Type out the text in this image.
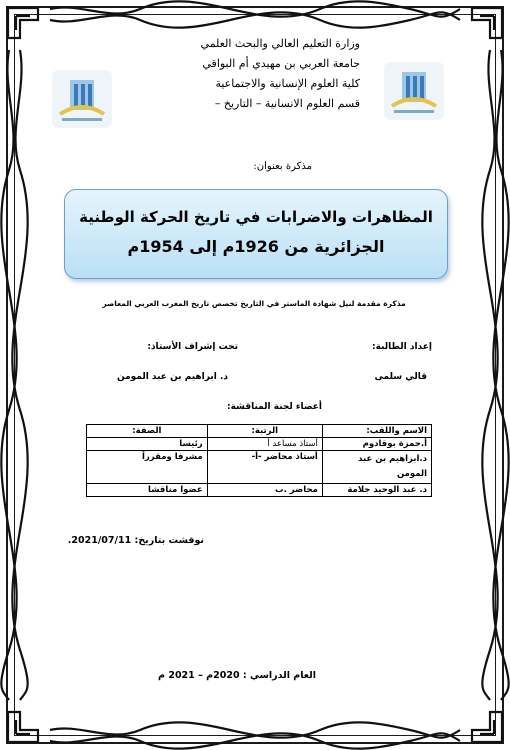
وزارة التعليم العالي والبحث العلمي
جامعة العربي بن مهيدي أم البواقي
كلية العلوم الإنسانية والاجتماعية
قسم العلوم الانسانية – التاريخ –
مذكرة بعنوان:
المظاهرات والاضرابات في تاريخ الحركة الوطنية
الجزائرية من 1926م إلى 1954م
مذكرة مقدمة لنيل شهادة الماستر في التاريخ تخصص تاريخ المغرب العربي المعاصر
إعداد الطالبة:
تحت إشراف الأستاذ:
قالي سلمى
د. ابراهيم بن عبد المومن
أعضاء لجنة المناقشة:
الاسم واللقب:	الرتبة:	الصفة:
أ.حمزة بوقادوم	أستاذ مساعد أ	رئيسا
د.ابراهيم بن عبد المومن	أستاذ محاضر -أ-	مشرفا ومقرراً
د. عبد الوحيد جلامة	محاضر .ب	عضوا مناقشا
نوقشت بتاريخ: 2021/07/11.
العام الدراسي : 2020م – 2021 م
